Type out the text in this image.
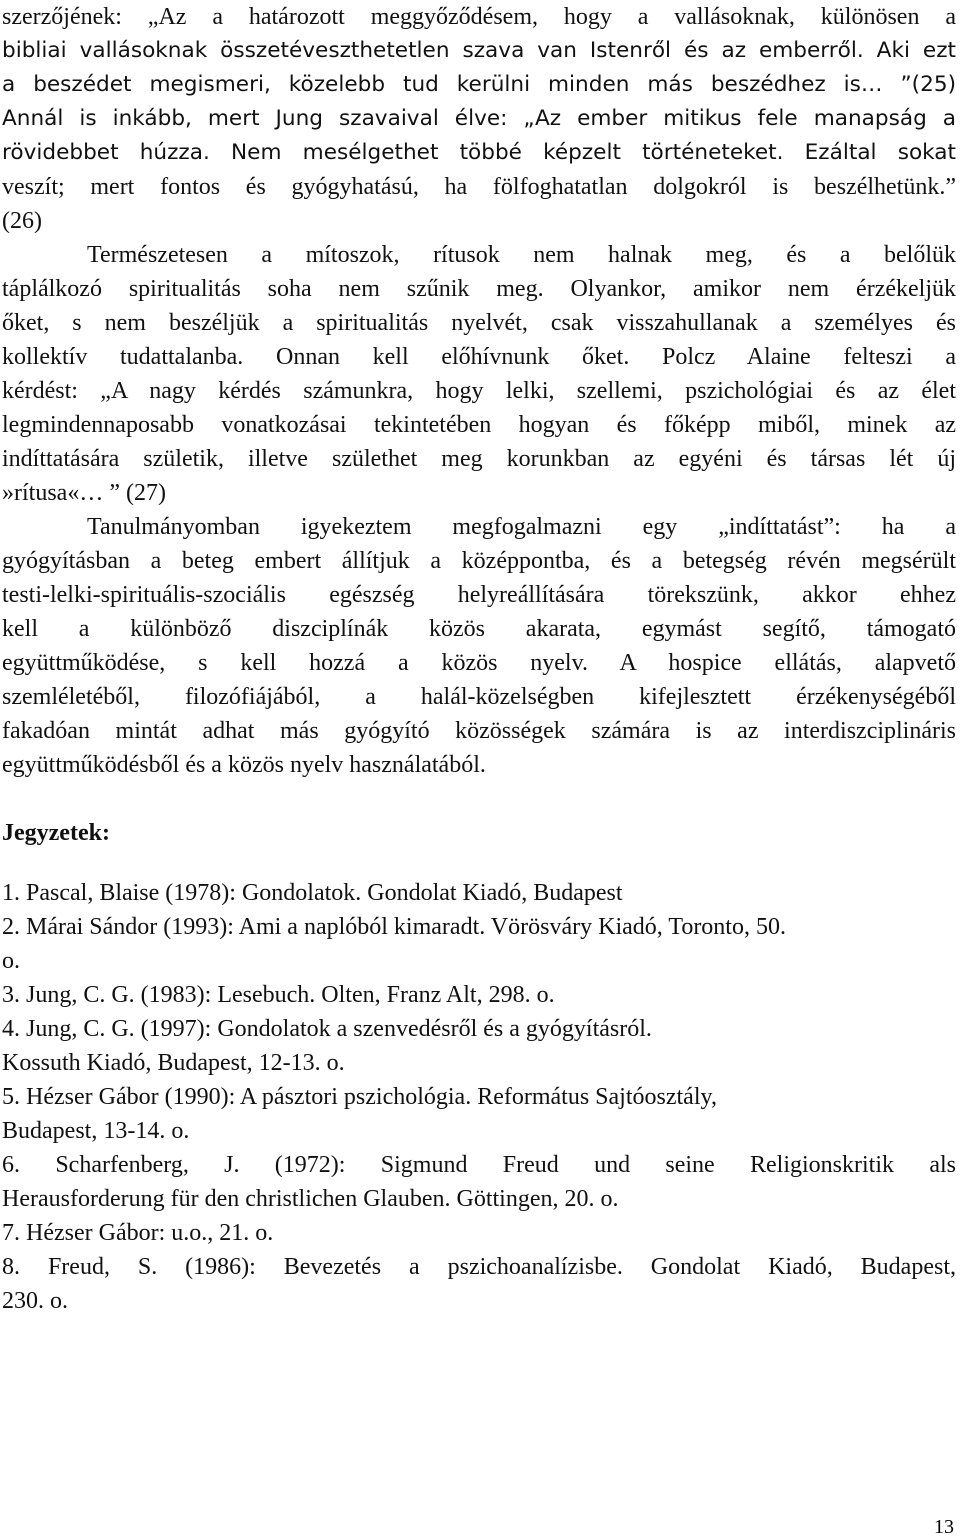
szerzőjének: „Az a határozott meggyőződésem, hogy a vallásoknak, különösen a
bibliai vallásoknak összetéveszthetetlen szava van Istenről és az emberről. Aki ezt
a beszédet megismeri, közelebb tud kerülni minden más beszédhez is… ”(25)
Annál is inkább, mert Jung szavaival élve: „Az ember mitikus fele manapság a
rövidebbet húzza. Nem mesélgethet többé képzelt történeteket. Ezáltal sokat
veszít; mert fontos és gyógyhatású, ha fölfoghatatlan dolgokról is beszélhetünk.”
(26)
Természetesen a mítoszok, rítusok nem halnak meg, és a belőlük
táplálkozó spiritualitás soha nem szűnik meg. Olyankor, amikor nem érzékeljük
őket, s nem beszéljük a spiritualitás nyelvét, csak visszahullanak a személyes és
kollektív tudattalanba. Onnan kell előhívnunk őket. Polcz Alaine felteszi a
kérdést: „A nagy kérdés számunkra, hogy lelki, szellemi, pszichológiai és az élet
legmindennaposabb vonatkozásai tekintetében hogyan és főképp miből, minek az
indíttatására születik, illetve születhet meg korunkban az egyéni és társas lét új
»rítusa«… ” (27)
Tanulmányomban igyekeztem megfogalmazni egy „indíttatást”: ha a
gyógyításban a beteg embert állítjuk a középpontba, és a betegség révén megsérült
testi-lelki-spirituális-szociális egészség helyreállítására törekszünk, akkor ehhez
kell a különböző diszciplínák közös akarata, egymást segítő, támogató
együttműködése, s kell hozzá a közös nyelv. A hospice ellátás, alapvető
szemléletéből, filozófiájából, a halál-közelségben kifejlesztett érzékenységéből
fakadóan mintát adhat más gyógyító közösségek számára is az interdiszciplináris
együttműködésből és a közös nyelv használatából.
Jegyzetek:

1. Pascal, Blaise (1978): Gondolatok. Gondolat Kiadó, Budapest

2. Márai Sándor (1993): Ami a naplóból kimaradt. Vörösváry Kiadó, Toronto, 50.
o.

3. Jung, C. G. (1983): Lesebuch. Olten, Franz Alt, 298. o.

4. Jung, C. G. (1997): Gondolatok a szenvedésről és a gyógyításról.
Kossuth Kiadó, Budapest, 12-13. o.

5. Hézser Gábor (1990): A pásztori pszichológia. Református Sajtóosztály,
Budapest, 13-14. o.

6. Scharfenberg, J. (1972): Sigmund Freud und seine Religionskritik als
Herausforderung für den christlichen Glauben. Göttingen, 20. o.

7. Hézser Gábor: u.o., 21. o.

8. Freud, S. (1986): Bevezetés a pszichoanalízisbe. Gondolat Kiadó, Budapest,
230. o.

13
